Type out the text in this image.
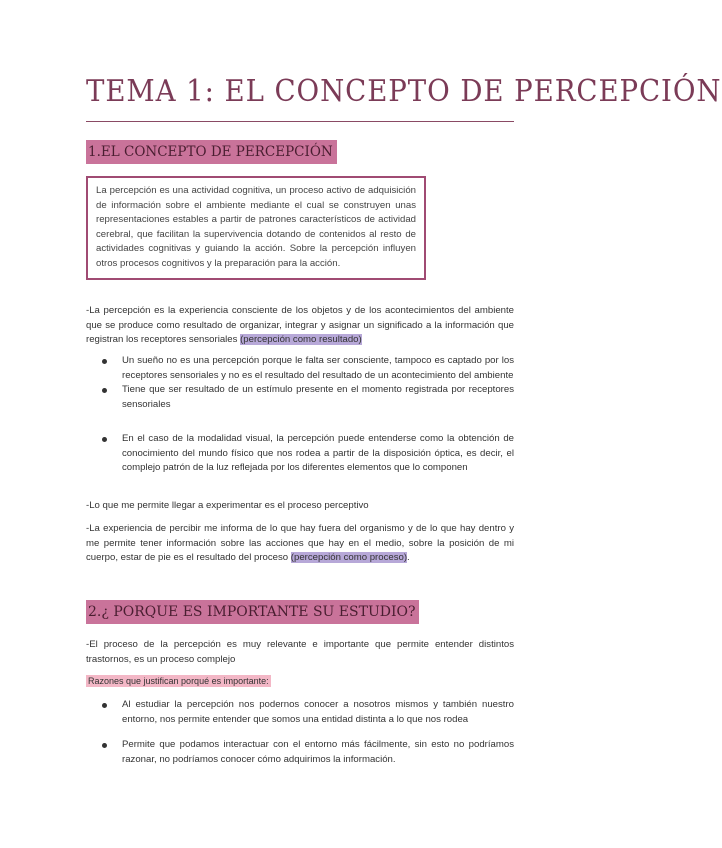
TEMA 1: EL CONCEPTO DE PERCEPCIÓN
1.EL CONCEPTO DE PERCEPCIÓN
La percepción es una actividad cognitiva, un proceso activo de adquisición de información sobre el ambiente mediante el cual se construyen unas representaciones estables a partir de patrones característicos de actividad cerebral, que facilitan la supervivencia dotando de contenidos al resto de actividades cognitivas y guiando la acción. Sobre la percepción influyen otros procesos cognitivos y la preparación para la acción.

-La percepción es la experiencia consciente de los objetos y de los acontecimientos del ambiente que se produce como resultado de organizar, integrar y asignar un significado a la información que registran los receptores sensoriales (percepción como resultado)

Un sueño no es una percepción porque le falta ser consciente, tampoco es captado por los receptores sensoriales y no es el resultado del resultado de un acontecimiento del ambiente
Tiene que ser resultado de un estímulo presente en el momento registrada por receptores sensoriales
En el caso de la modalidad visual, la percepción puede entenderse como la obtención de conocimiento del mundo físico que nos rodea a partir de la disposición óptica, es decir, el complejo patrón de la luz reflejada por los diferentes elementos que lo componen

-Lo que me permite llegar a experimentar es el proceso perceptivo

-La experiencia de percibir me informa de lo que hay fuera del organismo y de lo que hay dentro y me permite tener información sobre las acciones que hay en el medio, sobre la posición de mi cuerpo, estar de pie es el resultado del proceso (percepción como proceso).

2.¿ PORQUE ES IMPORTANTE SU ESTUDIO?

-El proceso de la percepción es muy relevante e importante que permite entender distintos trastornos, es un proceso complejo

Razones que justifican porqué es importante:
Al estudiar la percepción nos podernos conocer a nosotros mismos y también nuestro entorno, nos permite entender que somos una entidad distinta a lo que nos rodea
Permite que podamos interactuar con el entorno más fácilmente, sin esto no podríamos razonar, no podríamos conocer cómo adquirimos la información.
